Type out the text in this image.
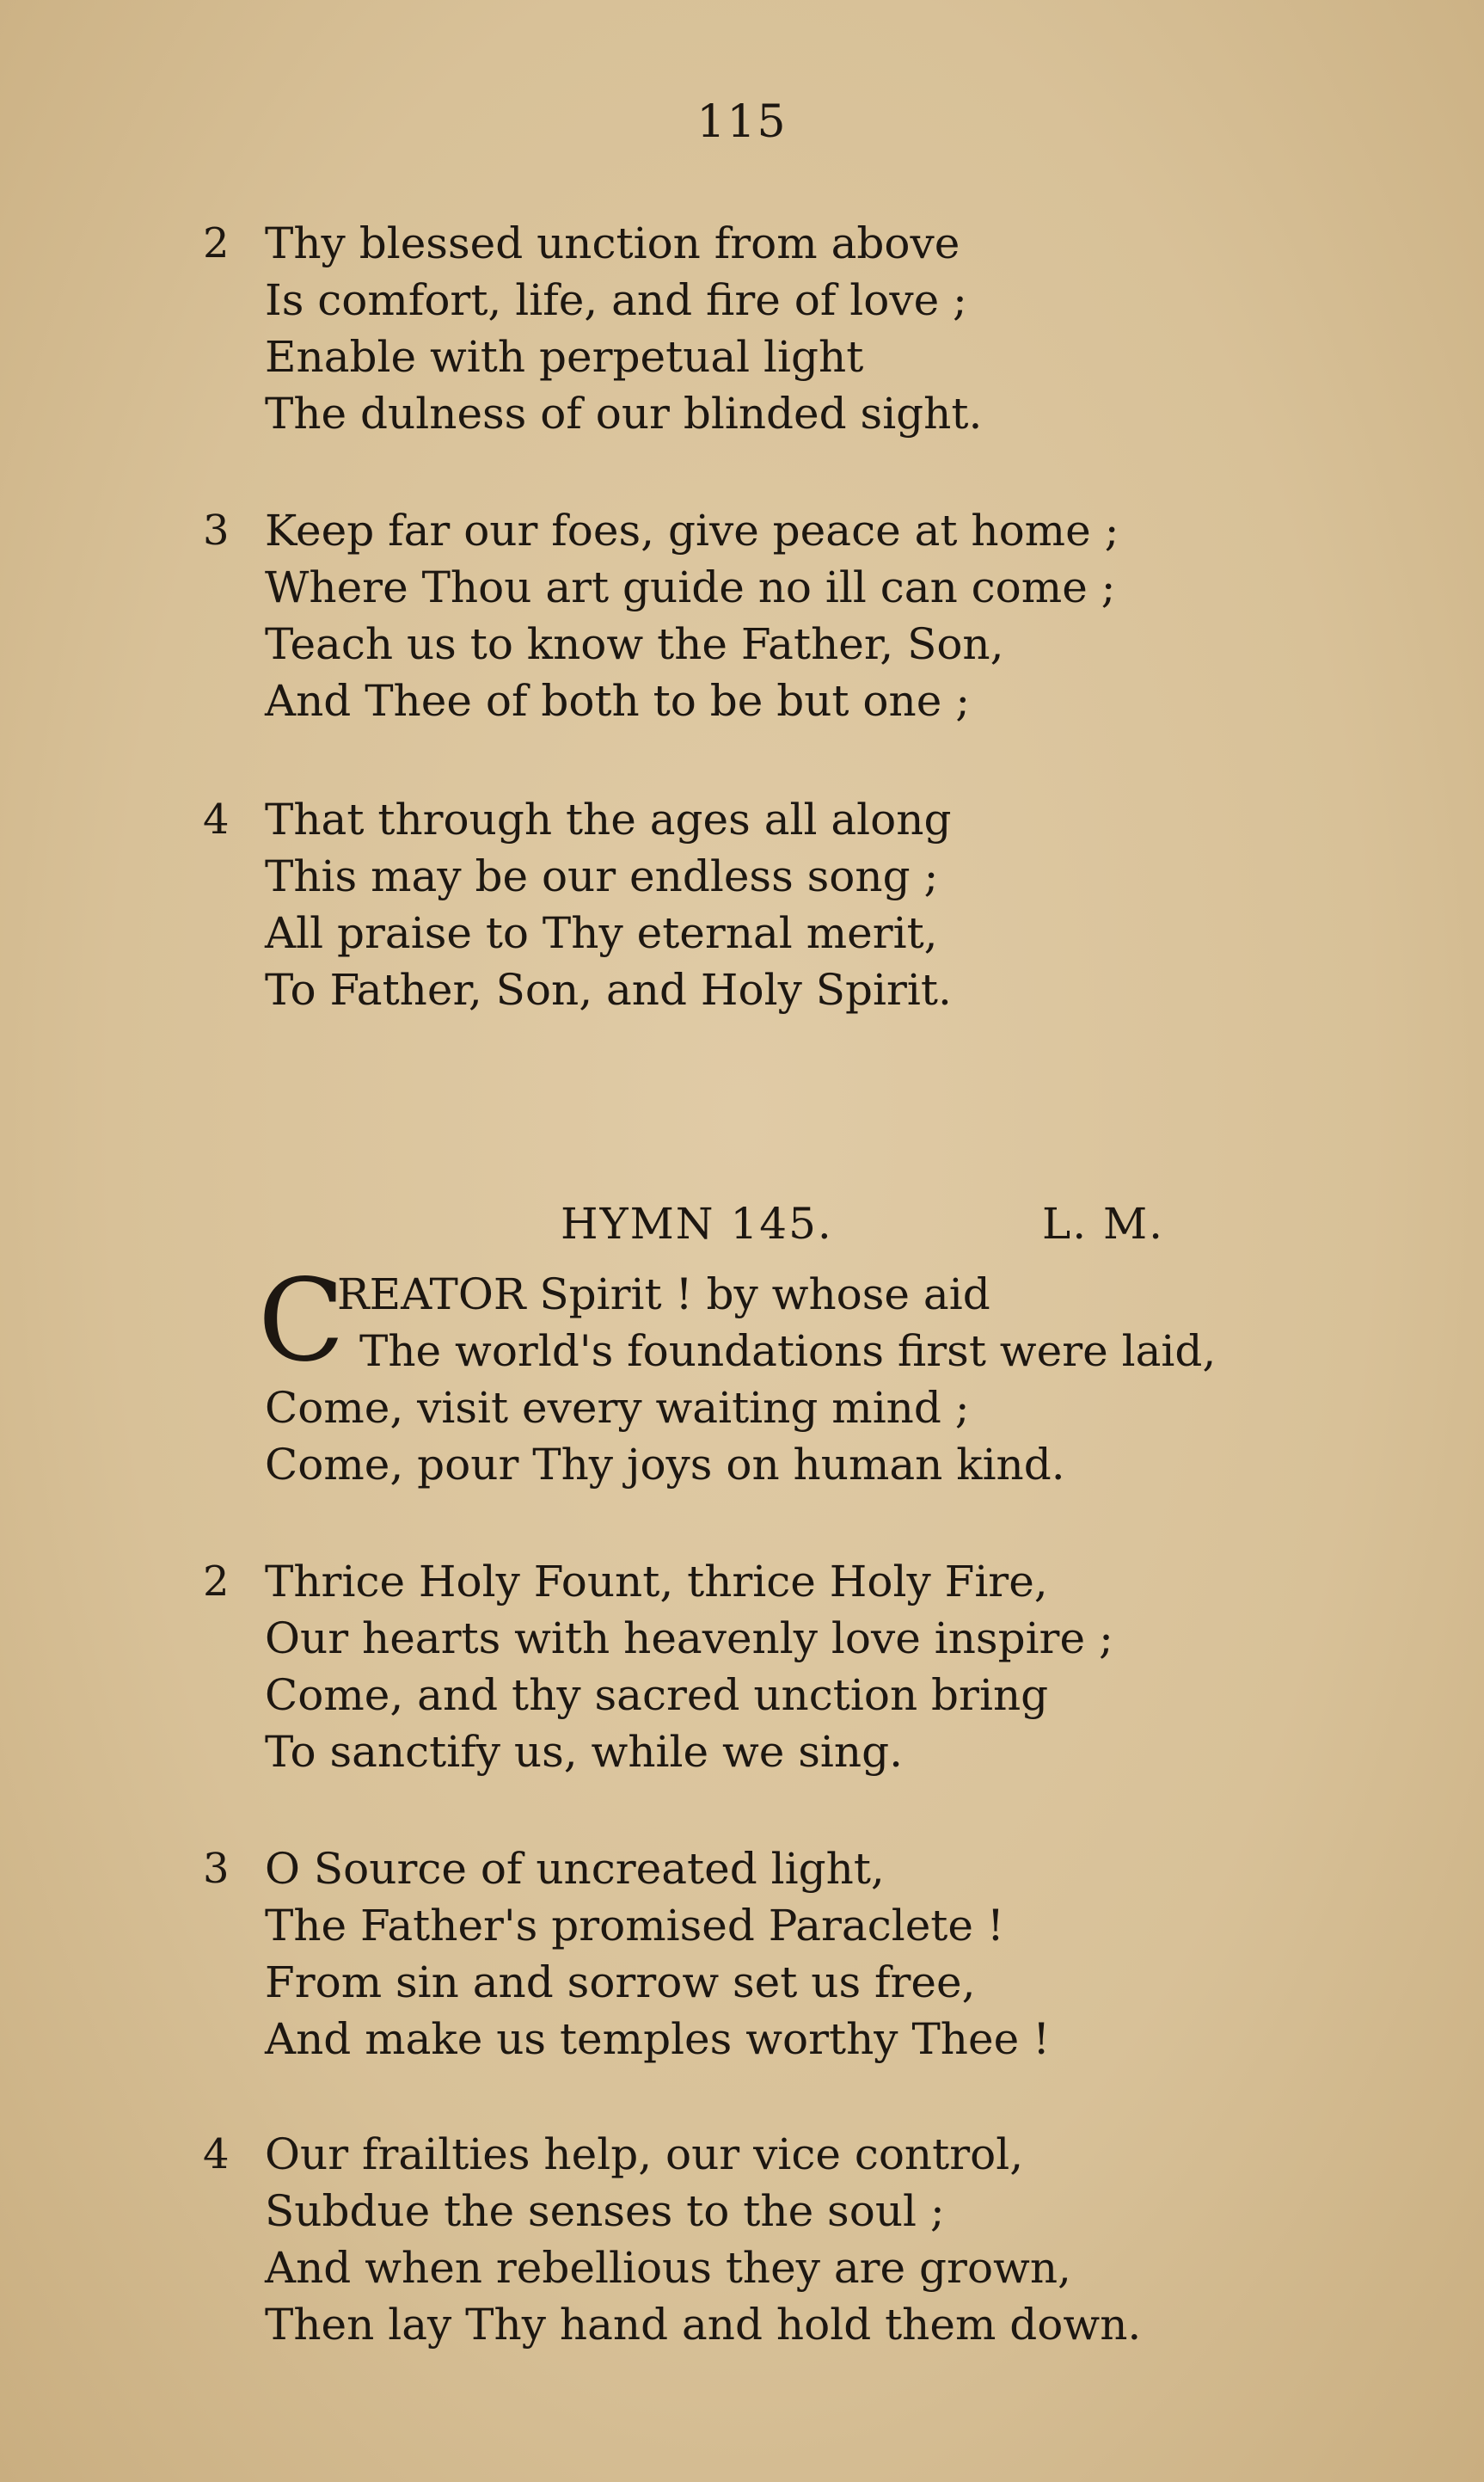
115
2 Thy blessed unction from above
Is comfort, life, and fire of love ;
Enable with perpetual light
The dulness of our blinded sight.
3 Keep far our foes, give peace at home ;
Where Thou art guide no ill can come ;
Teach us to know the Father, Son,
And Thee of both to be but one ;
4 That through the ages all along
This may be our endless song ;
All praise to Thy eternal merit,
To Father, Son, and Holy Spirit.
HYMN 145.	L. M.
C
REATOR Spirit ! by whose aid
The world's foundations first were laid,
Come, visit every waiting mind ;
Come, pour Thy joys on human kind.
2 Thrice Holy Fount, thrice Holy Fire,
Our hearts with heavenly love inspire ;
Come, and thy sacred unction bring
To sanctify us, while we sing.
3 O Source of uncreated light,
The Father's promised Paraclete !
From sin and sorrow set us free,
And make us temples worthy Thee !
4 Our frailties help, our vice control,
Subdue the senses to the soul ;
And when rebellious they are grown,
Then lay Thy hand and hold them down.
